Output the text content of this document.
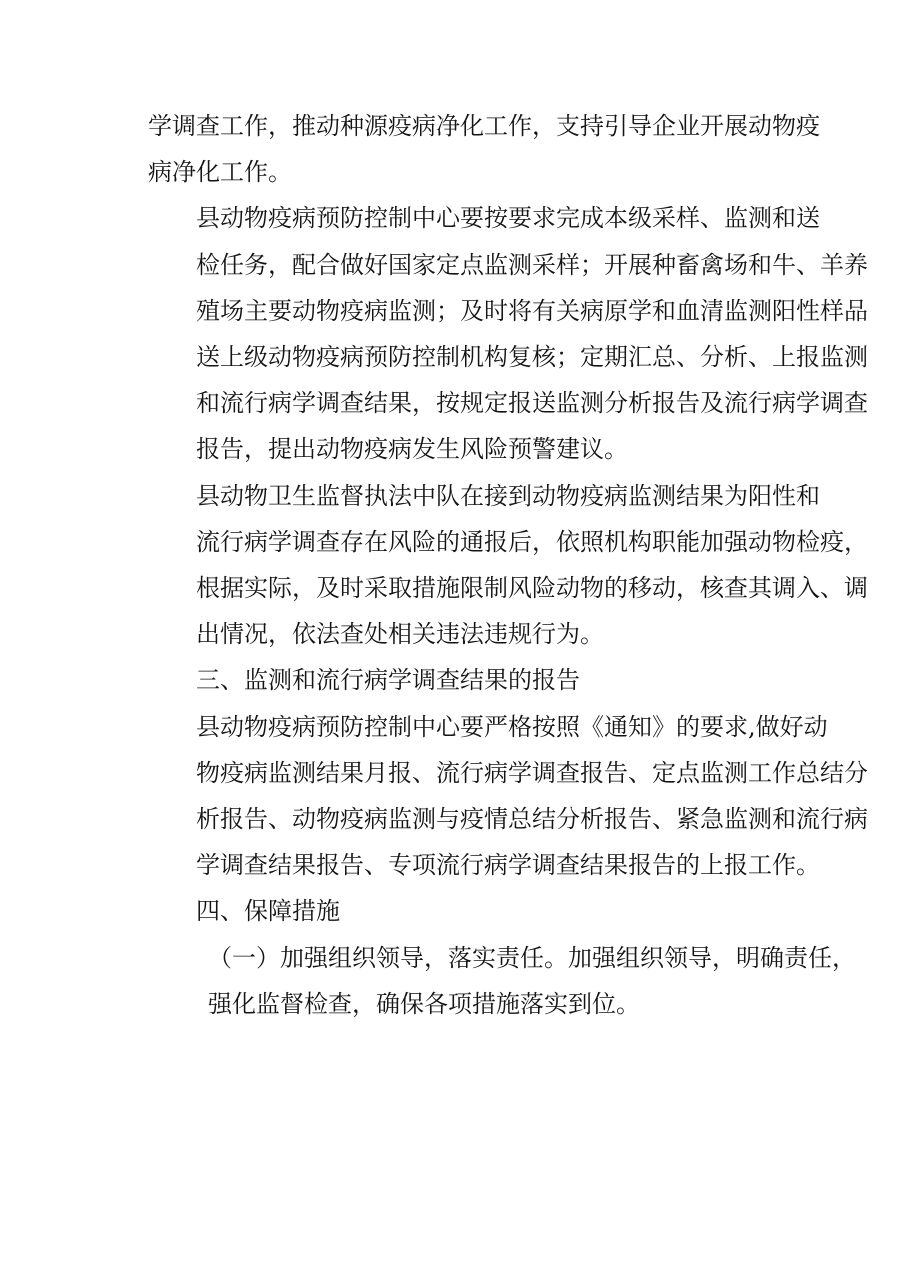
学调查工作，推动种源疫病净化工作，支持引导企业开展动物疫
病净化工作。

县动物疫病预防控制中心要按要求完成本级采样、监测和送
检任务，配合做好国家定点监测采样；开展种畜禽场和牛、羊养
殖场主要动物疫病监测；及时将有关病原学和血清监测阳性样品
送上级动物疫病预防控制机构复核；定期汇总、分析、上报监测
和流行病学调查结果，按规定报送监测分析报告及流行病学调查
报告，提出动物疫病发生风险预警建议。

县动物卫生监督执法中队在接到动物疫病监测结果为阳性和
流行病学调查存在风险的通报后，依照机构职能加强动物检疫，
根据实际，及时采取措施限制风险动物的移动，核查其调入、调
出情况，依法查处相关违法违规行为。

三、监测和流行病学调查结果的报告

县动物疫病预防控制中心要严格按照《通知》的要求,做好动
物疫病监测结果月报、流行病学调查报告、定点监测工作总结分
析报告、动物疫病监测与疫情总结分析报告、紧急监测和流行病
学调查结果报告、专项流行病学调查结果报告的上报工作。

四、保障措施

（一）加强组织领导，落实责任。加强组织领导，明确责任，
强化监督检查，确保各项措施落实到位。
